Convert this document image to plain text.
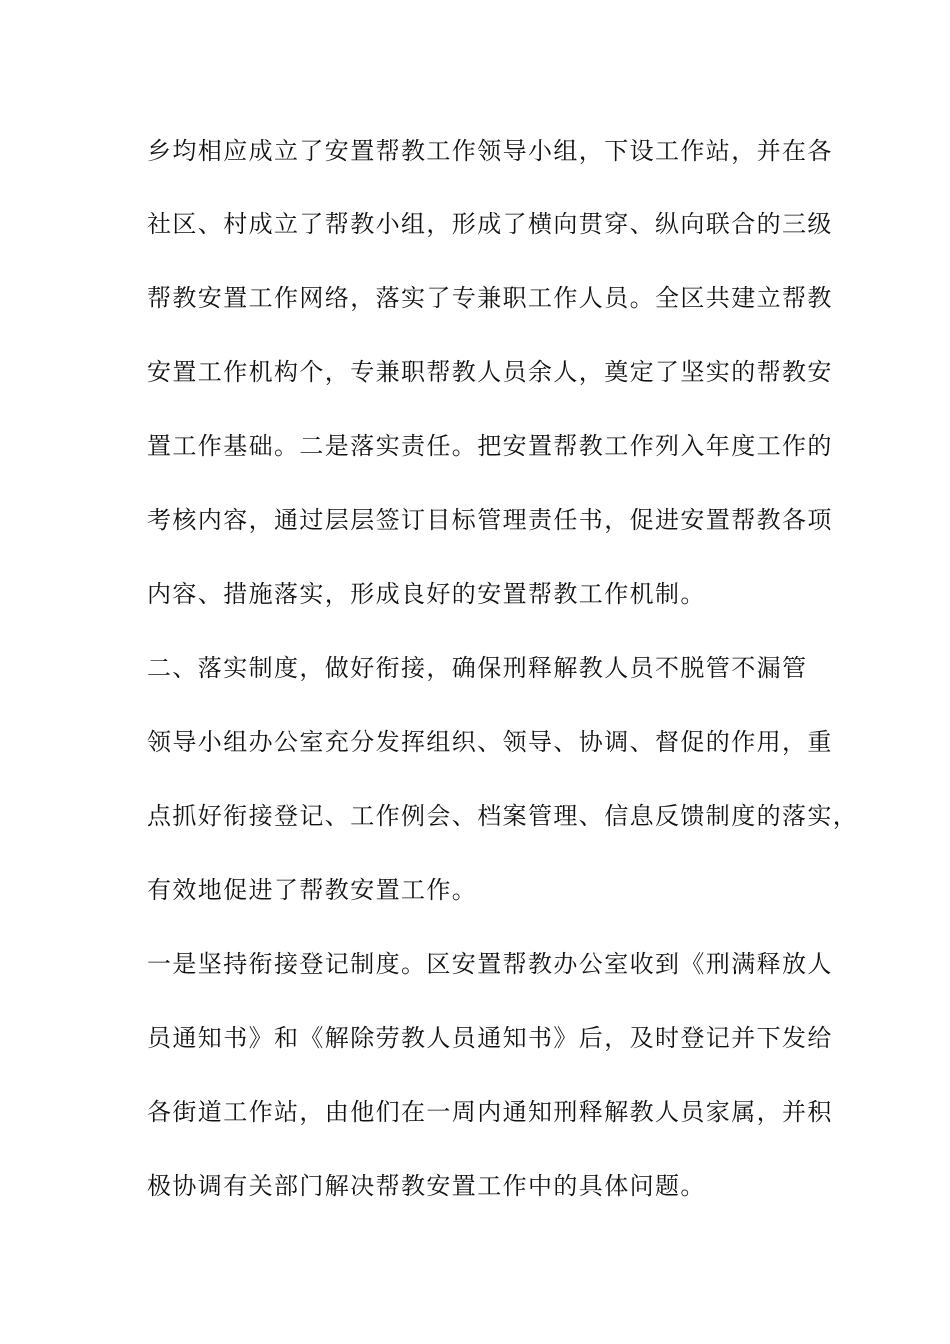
乡均相应成立了安置帮教工作领导小组，下设工作站，并在各
社区、村成立了帮教小组，形成了横向贯穿、纵向联合的三级
帮教安置工作网络，落实了专兼职工作人员。全区共建立帮教
安置工作机构个，专兼职帮教人员余人，奠定了坚实的帮教安
置工作基础。二是落实责任。把安置帮教工作列入年度工作的
考核内容，通过层层签订目标管理责任书，促进安置帮教各项
内容、措施落实，形成良好的安置帮教工作机制。
二、落实制度，做好衔接，确保刑释解教人员不脱管不漏管
领导小组办公室充分发挥组织、领导、协调、督促的作用，重
点抓好衔接登记、工作例会、档案管理、信息反馈制度的落实，
有效地促进了帮教安置工作。
一是坚持衔接登记制度。区安置帮教办公室收到《刑满释放人
员通知书》和《解除劳教人员通知书》后，及时登记并下发给
各街道工作站，由他们在一周内通知刑释解教人员家属，并积
极协调有关部门解决帮教安置工作中的具体问题。
